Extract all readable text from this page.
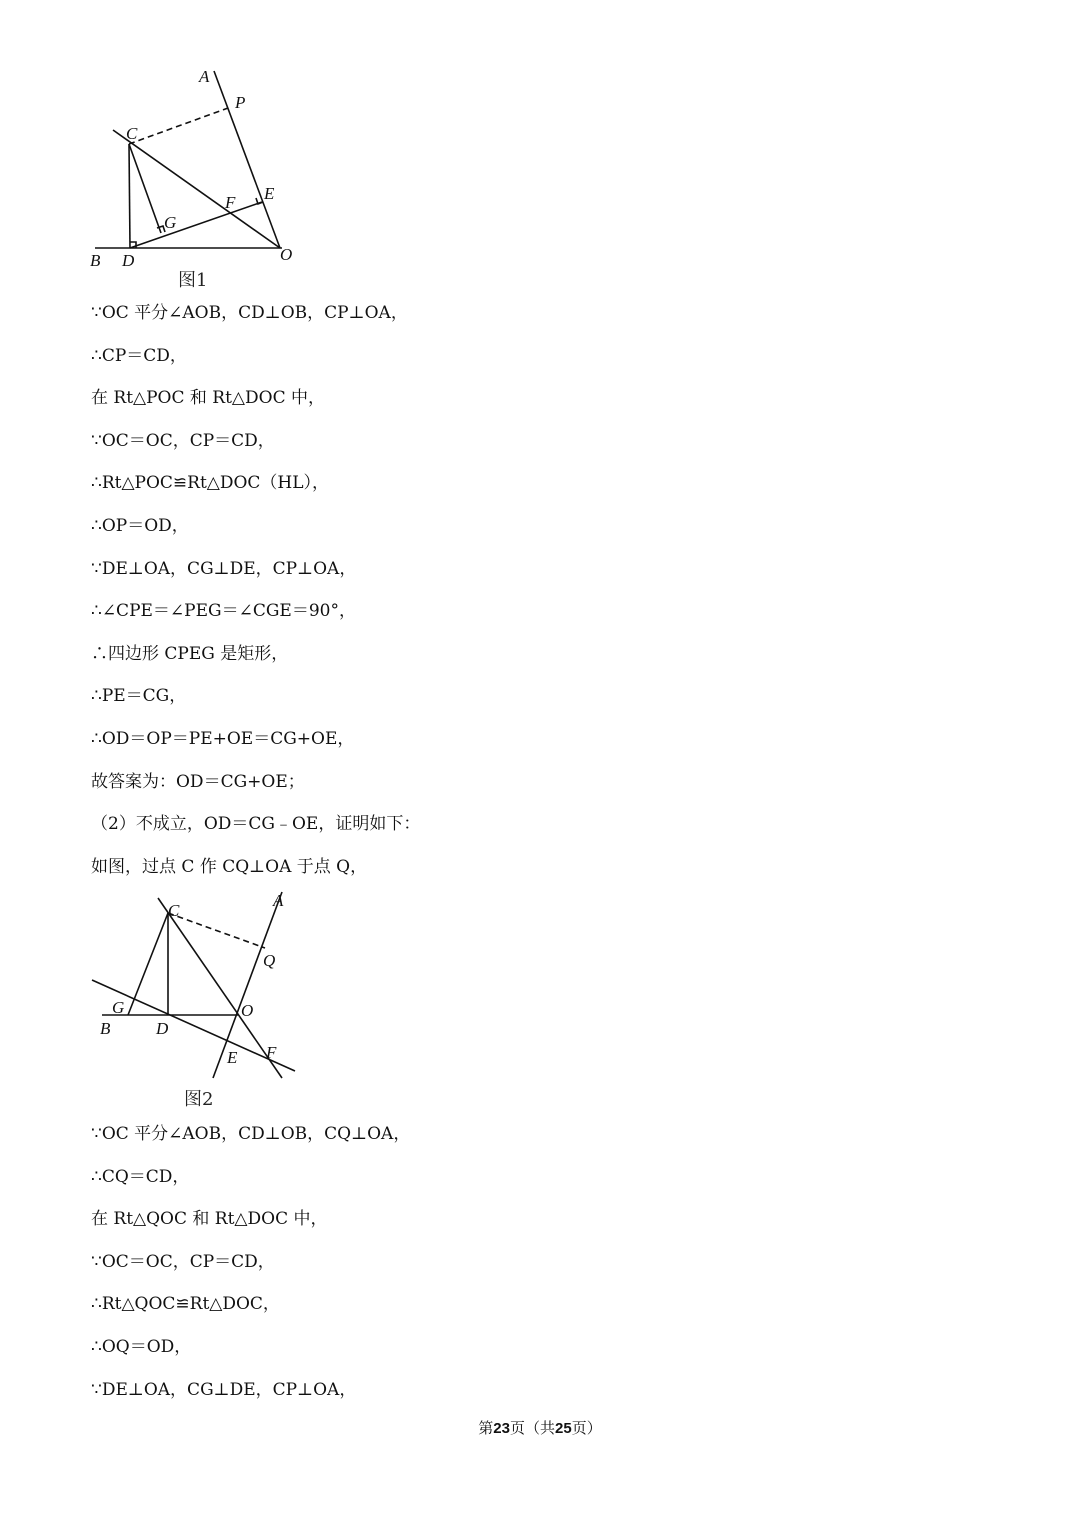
A
P
C
E
F
G
B D	O
图1
A
C
Q
G
B	D
O
E F
图2
∵OC 平分∠AOB，CD⊥OB，CP⊥OA，
∴CP＝CD，
在 Rt△POC 和 Rt△DOC 中，
∵OC＝OC，CP＝CD，
∴Rt△POC≌Rt△DOC（HL），
∴OP＝OD，
∵DE⊥OA，CG⊥DE，CP⊥OA，
∴∠CPE＝∠PEG＝∠CGE＝90°，
∴四边形 CPEG 是矩形，
∴PE＝CG，
∴OD＝OP＝PE+OE＝CG+OE，
故答案为：OD＝CG+OE；
（2）不成立，OD＝CG﹣OE，证明如下：
如图，过点 C 作 CQ⊥OA 于点 Q，
∵OC 平分∠AOB，CD⊥OB，CQ⊥OA，
∴CQ＝CD，
在 Rt△QOC 和 Rt△DOC 中，
∵OC＝OC，CP＝CD，
∴Rt△QOC≌Rt△DOC，
∴OQ＝OD，
∵DE⊥OA，CG⊥DE，CP⊥OA，
第23页（共25页）
